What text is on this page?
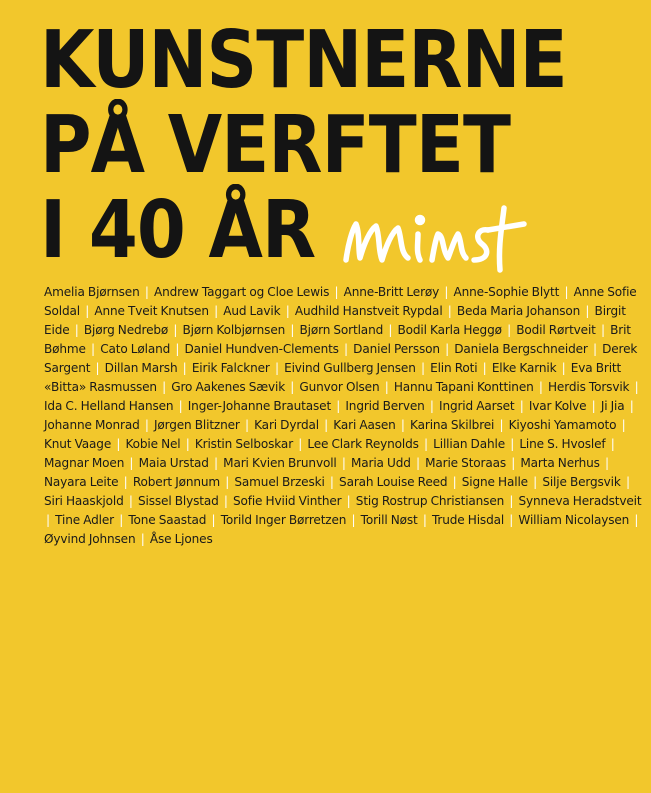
KUNSTNERNE
PÅ VERFTET
I 40 ÅR
Amelia Bjørnsen | Andrew Taggart og Cloe Lewis | Anne-Britt Lerøy | Anne-Sophie Blytt | Anne Sofie Soldal | Anne Tveit Knutsen | Aud Lavik | Audhild Hanstveit Rypdal | Beda Maria Johanson | Birgit Eide | Bjørg Nedrebø | Bjørn Kolbjørnsen | Bjørn Sortland | Bodil Karla Heggø | Bodil Rørtveit | Brit Bøhme | Cato Løland | Daniel Hundven-Clements | Daniel Persson | Daniela Bergschneider | Derek Sargent | Dillan Marsh | Eirik Falckner | Eivind Gullberg Jensen | Elin Roti | Elke Karnik | Eva Britt «Bitta» Rasmussen | Gro Aakenes Sævik | Gunvor Olsen | Hannu Tapani Konttinen | Herdis Torsvik | Ida C. Helland Hansen | Inger-Johanne Brautaset | Ingrid Berven | Ingrid Aarset | Ivar Kolve | Ji Jia | Johanne Monrad | Jørgen Blitzner | Kari Dyrdal | Kari Aasen | Karina Skilbrei | Kiyoshi Yamamoto | Knut Vaage | Kobie Nel | Kristin Selboskar | Lee Clark Reynolds | Lillian Dahle | Line S. Hvoslef | Magnar Moen | Maia Urstad | Mari Kvien Brunvoll | Maria Udd | Marie Storaas | Marta Nerhus | Nayara Leite | Robert Jønnum | Samuel Brzeski | Sarah Louise Reed | Signe Halle | Silje Bergsvik | Siri Haaskjold | Sissel Blystad | Sofie Hviid Vinther | Stig Rostrup Christiansen | Synneva Heradstveit | Tine Adler | Tone Saastad | Torild Inger Børretzen | Torill Nøst | Trude Hisdal | William Nicolaysen | Øyvind Johnsen | Åse Ljones
